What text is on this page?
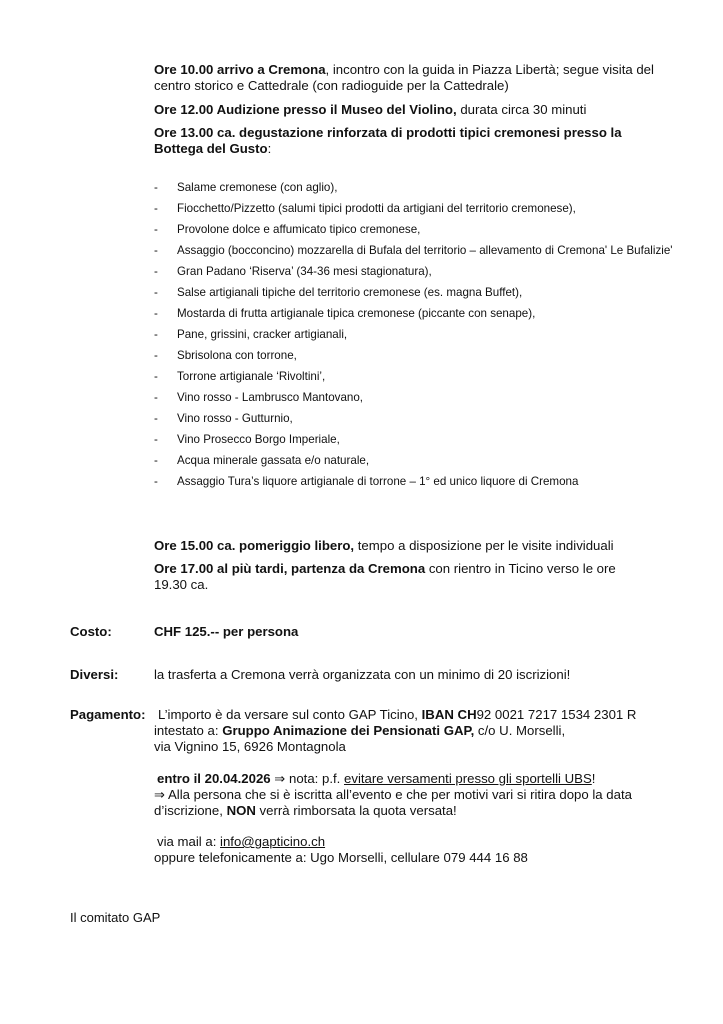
Ore 10.00 arrivo a Cremona, incontro con la guida in Piazza Libertà; segue visita del centro storico e Cattedrale (con radioguide per la Cattedrale)
Ore 12.00 Audizione presso il Museo del Violino, durata circa 30 minuti
Ore 13.00 ca. degustazione rinforzata di prodotti tipici cremonesi presso la Bottega del Gusto:
- Salame cremonese (con aglio),
- Fiocchetto/Pizzetto (salumi tipici prodotti da artigiani del territorio cremonese),
- Provolone dolce e affumicato tipico cremonese,
- Assaggio (bocconcino) mozzarella di Bufala del territorio – allevamento di Cremona' Le Bufalizie'
- Gran Padano ‘Riserva’ (34-36 mesi stagionatura),
- Salse artigianali tipiche del territorio cremonese (es. magna Buffet),
- Mostarda di frutta artigianale tipica cremonese (piccante con senape),
- Pane, grissini, cracker artigianali,
- Sbrisolona con torrone,
- Torrone artigianale ‘Rivoltini’,
- Vino rosso - Lambrusco Mantovano,
- Vino rosso - Gutturnio,
- Vino Prosecco Borgo Imperiale,
- Acqua minerale gassata e/o naturale,
- Assaggio Tura’s liquore artigianale di torrone – 1° ed unico liquore di Cremona
Ore 15.00 ca. pomeriggio libero, tempo a disposizione per le visite individuali
Ore 17.00 al più tardi, partenza da Cremona con rientro in Ticino verso le ore 19.30 ca.
Costo:	CHF 125.-- per persona
Diversi:	la trasferta a Cremona verrà organizzata con un minimo di 20 iscrizioni!
Pagamento: L’importo è da versare sul conto GAP Ticino, IBAN CH92 0021 7217 1534 2301 R
intestato a: Gruppo Animazione dei Pensionati GAP, c/o U. Morselli,
via Vignino 15, 6926 Montagnola
entro il 20.04.2026 ⇒ nota: p.f. evitare versamenti presso gli sportelli UBS!
⇒ Alla persona che si è iscritta all’evento e che per motivi vari si ritira dopo la data d’iscrizione, NON verrà rimborsata la quota versata!
via mail a: info@gapticino.ch
oppure telefonicamente a: Ugo Morselli, cellulare 079 444 16 88
Il comitato GAP
